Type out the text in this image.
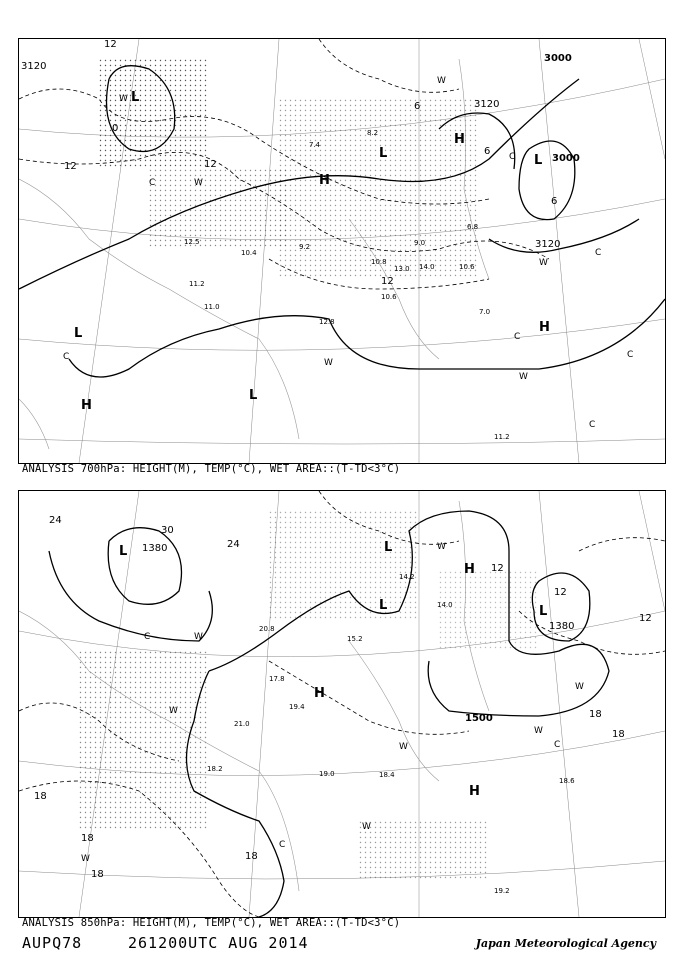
3120
3000
3000
3120
3120
12
12	12
12
0
6
6
6
L
L	L
L
L
H
H
H
H
W
W
W
W
W
W
C
C
C
C
C
C
C
10.4
11.2
11.0
12.5
9.2	9.0
10.6
10.8
6.8
7.0
11.2
12.8
13.0 14.0	10.6
8.2
7.4
ANALYSIS 700hPa: HEIGHT(M), TEMP(°C), WET AREA::(T-TD<3°C)
1380
1380
1500
24
18
18
18
18
18
18
12
12
12
30
24
L	L
L	L
H
H
H
W
W
W
W
W
W
W
W
C
C
C
19.4
17.8
18.4
21.0
19.0
18.6
14.2
14.0
15.2
20.8
18.2
19.2
ANALYSIS 850hPa: HEIGHT(M), TEMP(°C), WET AREA::(T-TD<3°C)
AUPQ78	261200UTC AUG 2014	Japan Meteorological Agency
